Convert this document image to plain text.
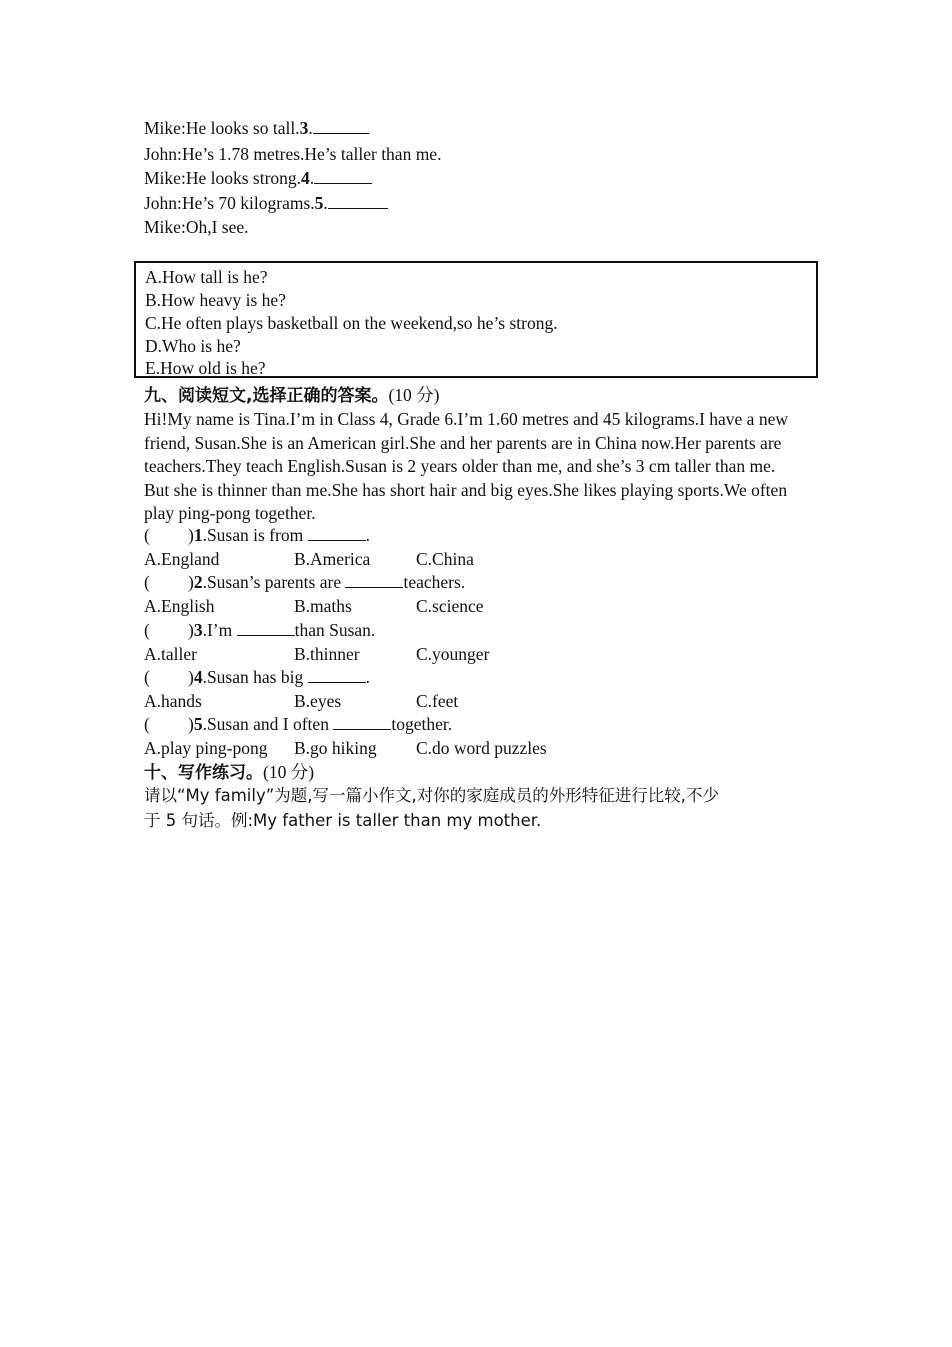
Mike:He looks so tall.3.
John:He’s 1.78 metres.He’s taller than me.
Mike:He looks strong.4.
John:He’s 70 kilograms.5.
Mike:Oh,I see.
A.How tall is he?
B.How heavy is he?
C.He often plays basketball on the weekend,so he’s strong.
D.Who is he?
E.How old is he?
九、阅读短文,选择正确的答案。(10 分)
Hi!My name is Tina.I’m in Class 4, Grade 6.I’m 1.60 metres and 45 kilograms.I have a new friend, Susan.She is an American girl.She and her parents are in China now.Her parents are teachers.They teach English.Susan is 2 years older than me, and she’s 3 cm taller than me. But she is thinner than me.She has short hair and big eyes.She likes playing sports.We often play ping-pong together.
( )1.Susan is from	.
A.England	B.America	C.China
( )2.Susan’s parents are	teachers.
A.English	B.maths	C.science
( )3.I’m	than Susan.
A.taller	B.thinner	C.younger
( )4.Susan has big	.
A.hands	B.eyes	C.feet
( )5.Susan and I often	together.
A.play ping-pong B.go hiking C.do word puzzles
十、写作练习。(10 分)
请以“My family”为题,写一篇小作文,对你的家庭成员的外形特征进行比较,不少
于 5 句话。例:My father is taller than my mother.
